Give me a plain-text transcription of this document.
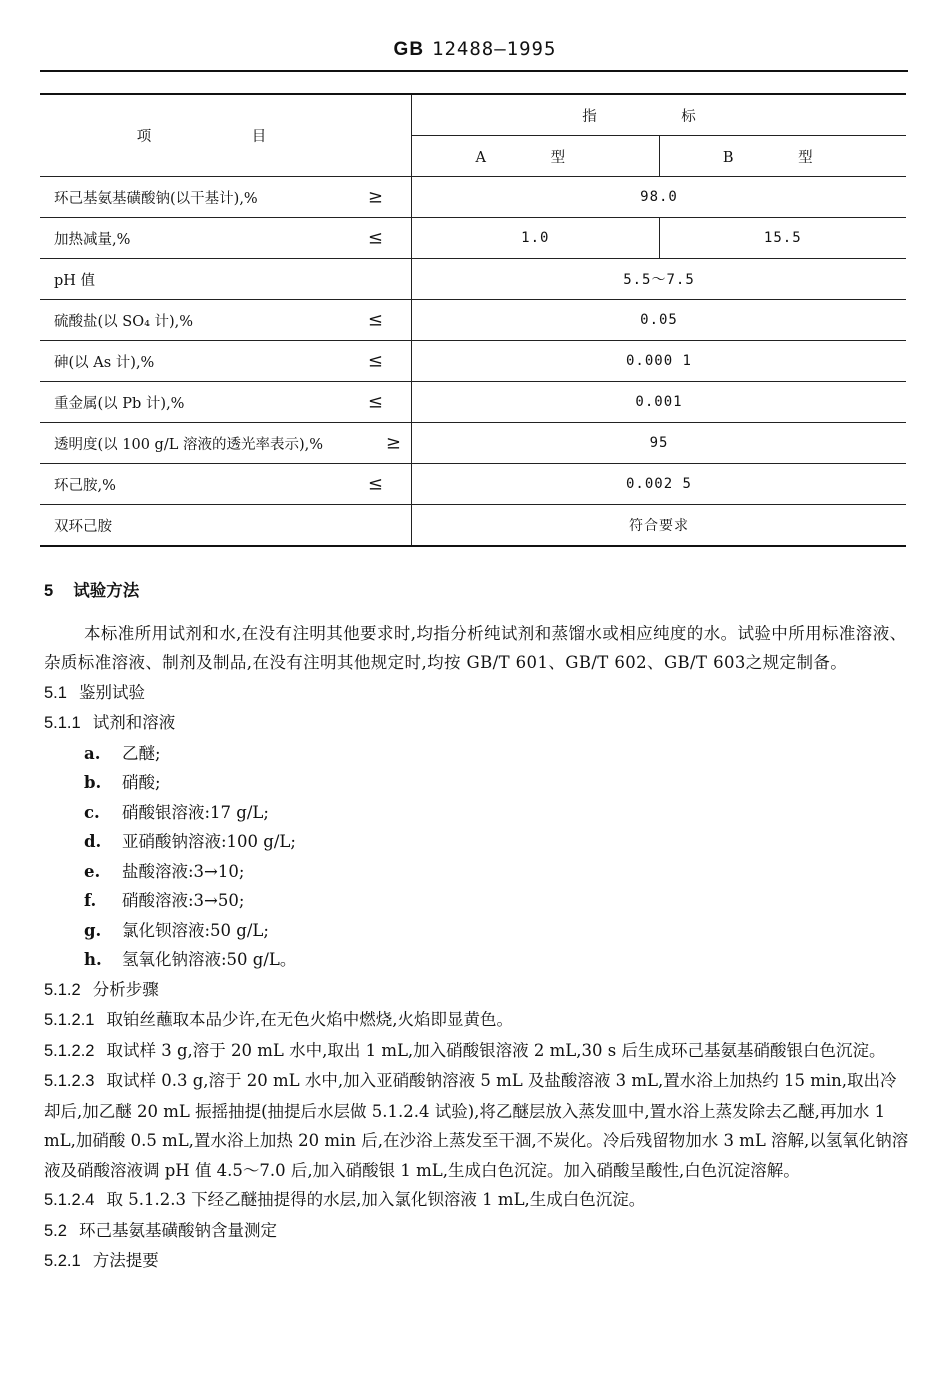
GB 12488—1995
项 目	指 标	
	A 型	B 型
环己基氨基磺酸钠(以干基计),% ≥	98.0	
加热减量,% ≤	1.0	15.5
pH 值	5.5～7.5	
硫酸盐(以 SO₄ 计),% ≤	0.05	
砷(以 As 计),% ≤	0.000 1	
重金属(以 Pb 计),% ≤	0.001	
透明度(以 100 g/L 溶液的透光率表示),% ≥	95	
环己胺,% ≤	0.002 5	
双环己胺	符合要求	
5 试验方法
本标准所用试剂和水,在没有注明其他要求时,均指分析纯试剂和蒸馏水或相应纯度的水。试验中所用标准溶液、杂质标准溶液、制剂及制品,在没有注明其他规定时,均按 GB/T 601、GB/T 602、GB/T 603之规定制备。
5.1 鉴别试验
5.1.1 试剂和溶液
a. 乙醚;
b. 硝酸;
c. 硝酸银溶液:17 g/L;
d. 亚硝酸钠溶液:100 g/L;
e. 盐酸溶液:3→10;
f. 硝酸溶液:3→50;
g. 氯化钡溶液:50 g/L;
h. 氢氧化钠溶液:50 g/L。
5.1.2 分析步骤
5.1.2.1 取铂丝蘸取本品少许,在无色火焰中燃烧,火焰即显黄色。
5.1.2.2 取试样 3 g,溶于 20 mL 水中,取出 1 mL,加入硝酸银溶液 2 mL,30 s 后生成环己基氨基硝酸银白色沉淀。
5.1.2.3 取试样 0.3 g,溶于 20 mL 水中,加入亚硝酸钠溶液 5 mL 及盐酸溶液 3 mL,置水浴上加热约 15 min,取出冷却后,加乙醚 20 mL 振摇抽提(抽提后水层做 5.1.2.4 试验),将乙醚层放入蒸发皿中,置水浴上蒸发除去乙醚,再加水 1 mL,加硝酸 0.5 mL,置水浴上加热 20 min 后,在沙浴上蒸发至干涸,不炭化。冷后残留物加水 3 mL 溶解,以氢氧化钠溶液及硝酸溶液调 pH 值 4.5～7.0 后,加入硝酸银 1 mL,生成白色沉淀。加入硝酸呈酸性,白色沉淀溶解。
5.1.2.4 取 5.1.2.3 下经乙醚抽提得的水层,加入氯化钡溶液 1 mL,生成白色沉淀。
5.2 环己基氨基磺酸钠含量测定
5.2.1 方法提要
